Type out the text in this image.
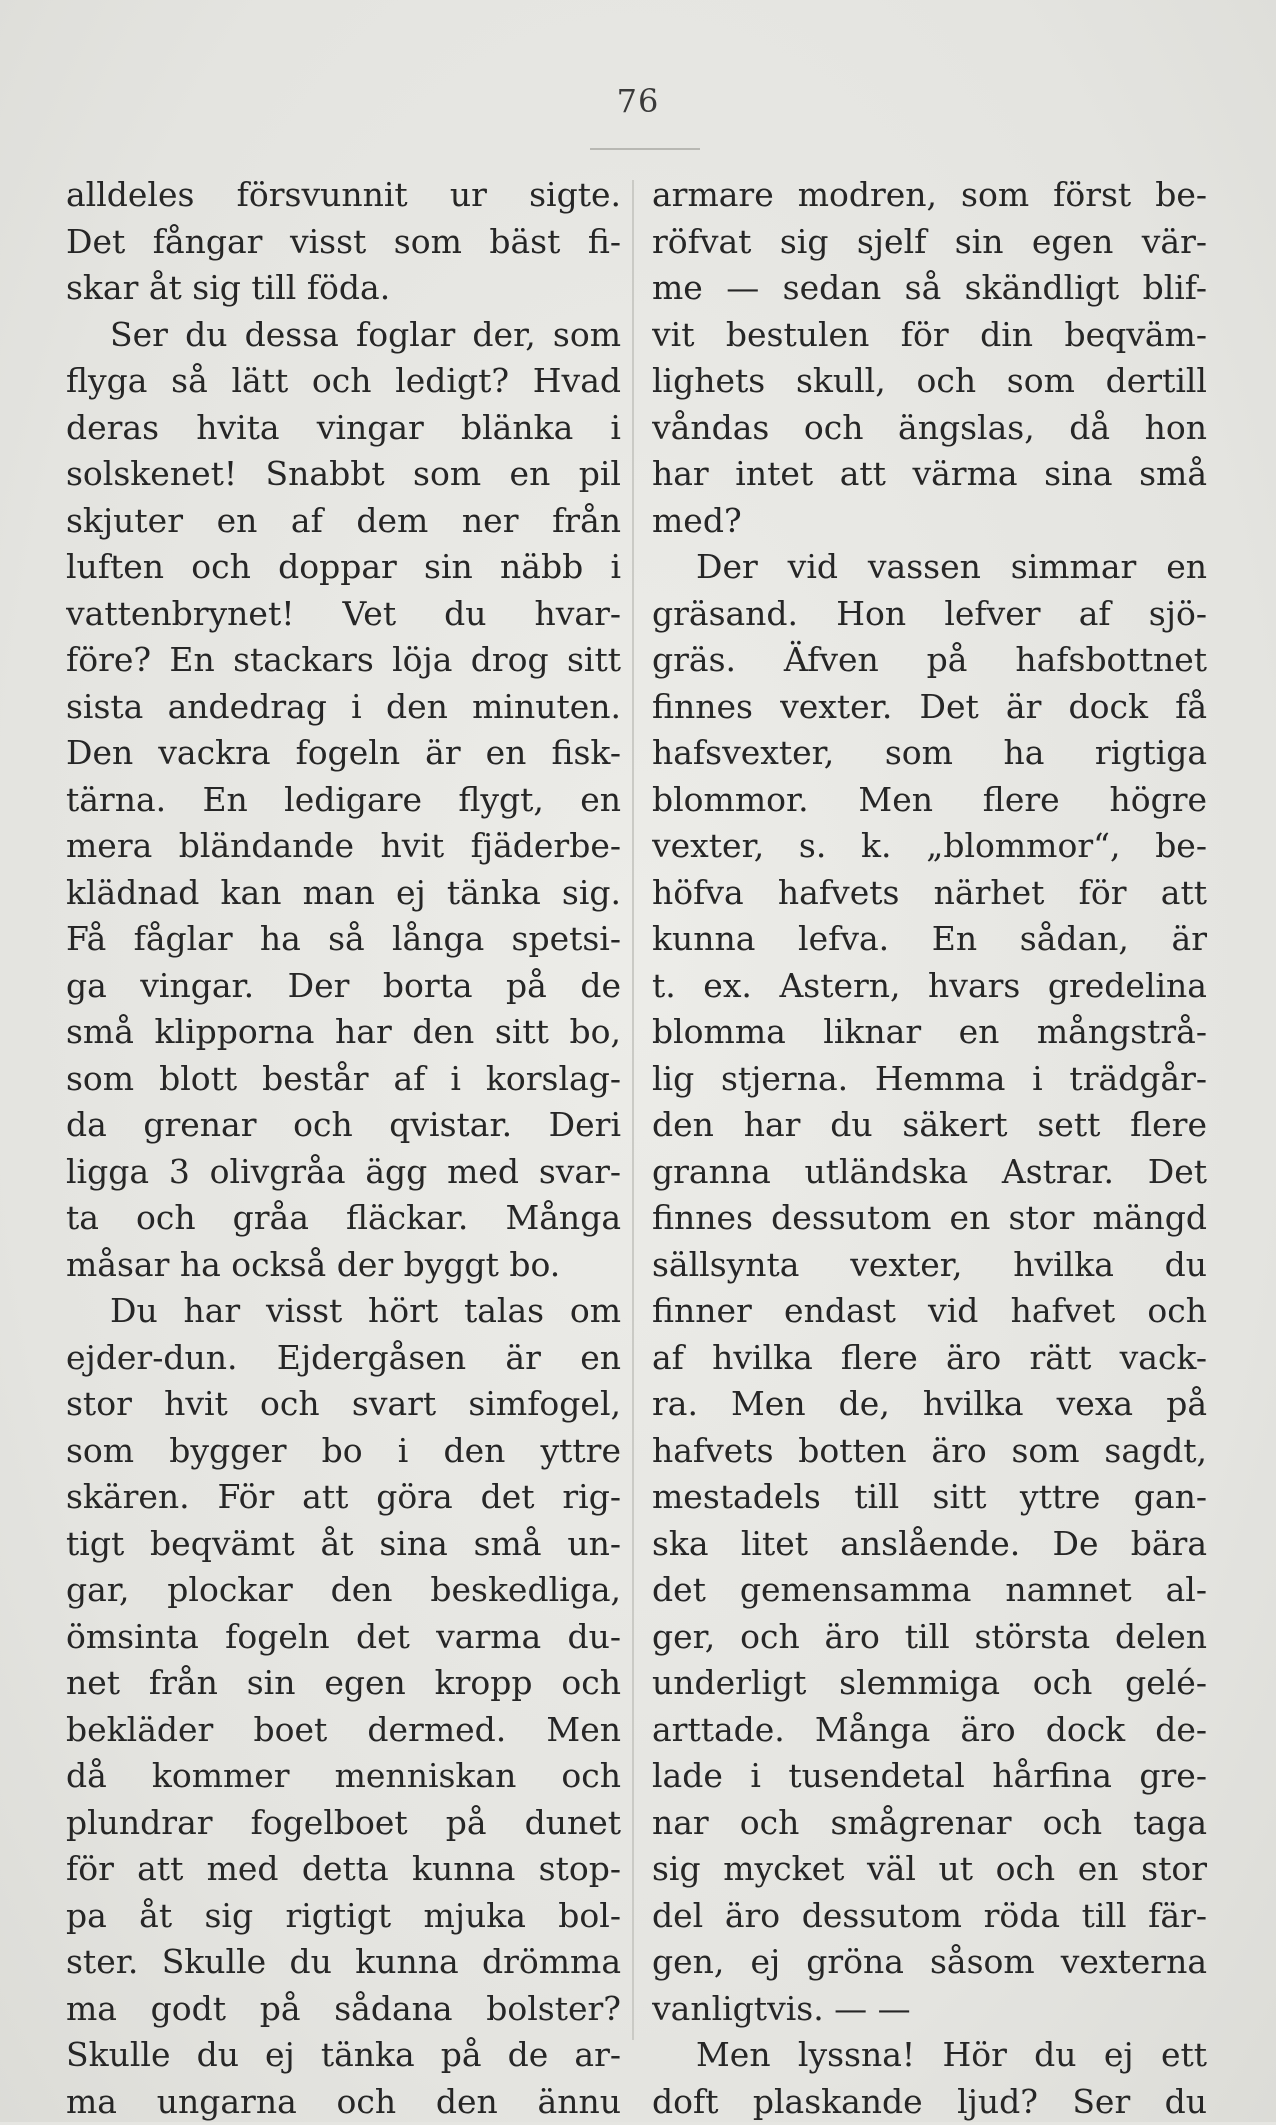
76
alldeles försvunnit ur sigte.
Det fångar visst som bäst fi-
skar åt sig till föda.
Ser du dessa foglar der, som
flyga så lätt och ledigt? Hvad
deras hvita vingar blänka i
solskenet! Snabbt som en pil
skjuter en af dem ner från
luften och doppar sin näbb i
vattenbrynet! Vet du hvar-
före? En stackars löja drog sitt
sista andedrag i den minuten.
Den vackra fogeln är en fisk-
tärna. En ledigare flygt, en
mera bländande hvit fjäderbe-
klädnad kan man ej tänka sig.
Få fåglar ha så långa spetsi-
ga vingar. Der borta på de
små klipporna har den sitt bo,
som blott består af i korslag-
da grenar och qvistar. Deri
ligga 3 olivgråa ägg med svar-
ta och gråa fläckar. Många
måsar ha också der byggt bo.
Du har visst hört talas om
ejder-dun. Ejdergåsen är en
stor hvit och svart simfogel,
som bygger bo i den yttre
skären. För att göra det rig-
tigt beqvämt åt sina små un-
gar, plockar den beskedliga,
ömsinta fogeln det varma du-
net från sin egen kropp och
bekläder boet dermed. Men
då kommer menniskan och
plundrar fogelboet på dunet
för att med detta kunna stop-
pa åt sig rigtigt mjuka bol-
ster. Skulle du kunna drömma
ma godt på sådana bolster?
Skulle du ej tänka på de ar-
ma ungarna och den ännu
armare modren, som först be-
röfvat sig sjelf sin egen vär-
me — sedan så skändligt blif-
vit bestulen för din beqväm-
lighets skull, och som dertill
våndas och ängslas, då hon
har intet att värma sina små
med?
Der vid vassen simmar en
gräsand. Hon lefver af sjö-
gräs. Äfven på hafsbottnet
finnes vexter. Det är dock få
hafsvexter, som ha rigtiga
blommor. Men flere högre
vexter, s. k. „blommor“, be-
höfva hafvets närhet för att
kunna lefva. En sådan, är
t. ex. Astern, hvars gredelina
blomma liknar en mångstrå-
lig stjerna. Hemma i trädgår-
den har du säkert sett flere
granna utländska Astrar. Det
finnes dessutom en stor mängd
sällsynta vexter, hvilka du
finner endast vid hafvet och
af hvilka flere äro rätt vack-
ra. Men de, hvilka vexa på
hafvets botten äro som sagdt,
mestadels till sitt yttre gan-
ska litet anslående. De bära
det gemensamma namnet al-
ger, och äro till största delen
underligt slemmiga och gelé-
arttade. Många äro dock de-
lade i tusendetal hårfina gre-
nar och smågrenar och taga
sig mycket väl ut och en stor
del äro dessutom röda till fär-
gen, ej gröna såsom vexterna
vanligtvis. — —
Men lyssna! Hör du ej ett
doft plaskande ljud? Ser du
